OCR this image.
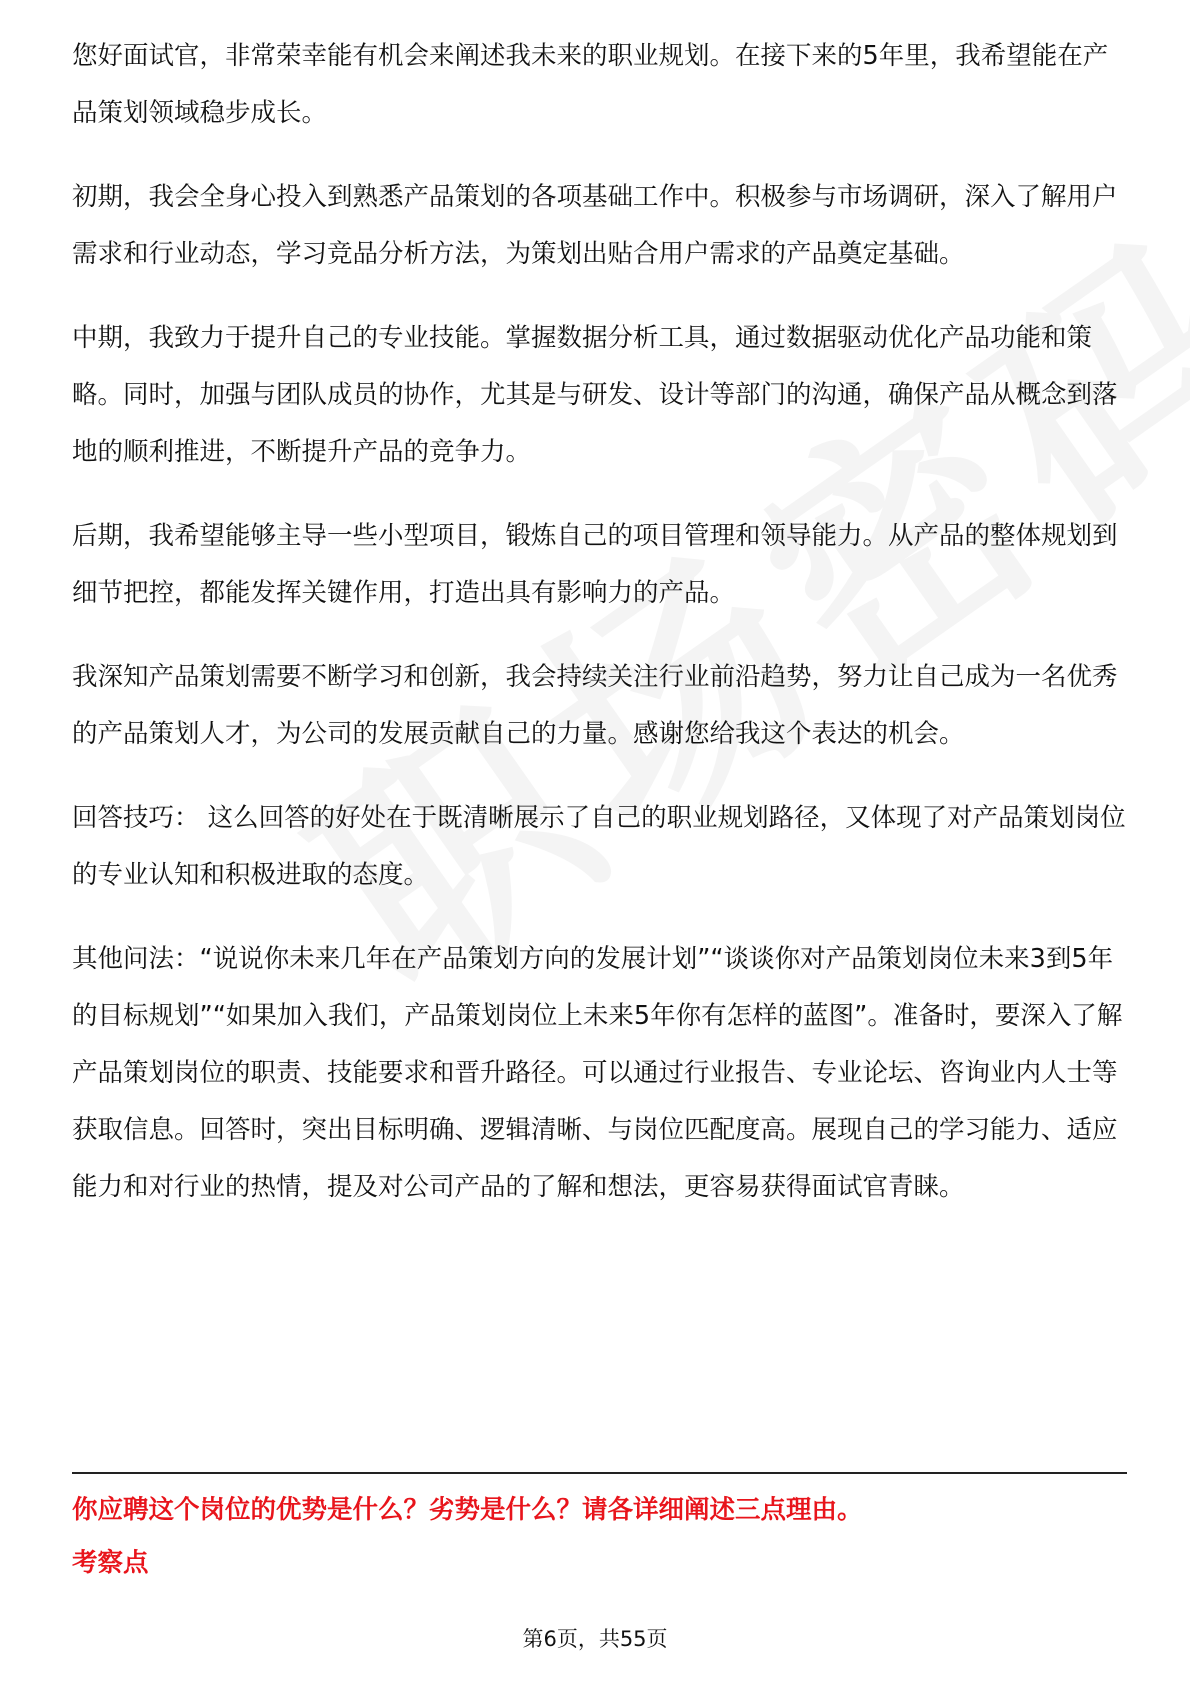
您好面试官，非常荣幸能有机会来阐述我未来的职业规划。在接下来的5年里，我希望能在产品策划领域稳步成长。

初期，我会全身心投入到熟悉产品策划的各项基础工作中。积极参与市场调研，深入了解用户需求和行业动态，学习竞品分析方法，为策划出贴合用户需求的产品奠定基础。

中期，我致力于提升自己的专业技能。掌握数据分析工具，通过数据驱动优化产品功能和策略。同时，加强与团队成员的协作，尤其是与研发、设计等部门的沟通，确保产品从概念到落地的顺利推进，不断提升产品的竞争力。

后期，我希望能够主导一些小型项目，锻炼自己的项目管理和领导能力。从产品的整体规划到细节把控，都能发挥关键作用，打造出具有影响力的产品。

我深知产品策划需要不断学习和创新，我会持续关注行业前沿趋势，努力让自己成为一名优秀的产品策划人才，为公司的发展贡献自己的力量。感谢您给我这个表达的机会。

回答技巧： 这么回答的好处在于既清晰展示了自己的职业规划路径，又体现了对产品策划岗位的专业认知和积极进取的态度。

其他问法：“说说你未来几年在产品策划方向的发展计划”“谈谈你对产品策划岗位未来3到5年的目标规划”“如果加入我们，产品策划岗位上未来5年你有怎样的蓝图”。准备时，要深入了解产品策划岗位的职责、技能要求和晋升路径。可以通过行业报告、专业论坛、咨询业内人士等获取信息。回答时，突出目标明确、逻辑清晰、与岗位匹配度高。展现自己的学习能力、适应能力和对行业的热情，提及对公司产品的了解和想法，更容易获得面试官青睐。

你应聘这个岗位的优势是什么？劣势是什么？请各详细阐述三点理由。
考察点
第6页，共55页
